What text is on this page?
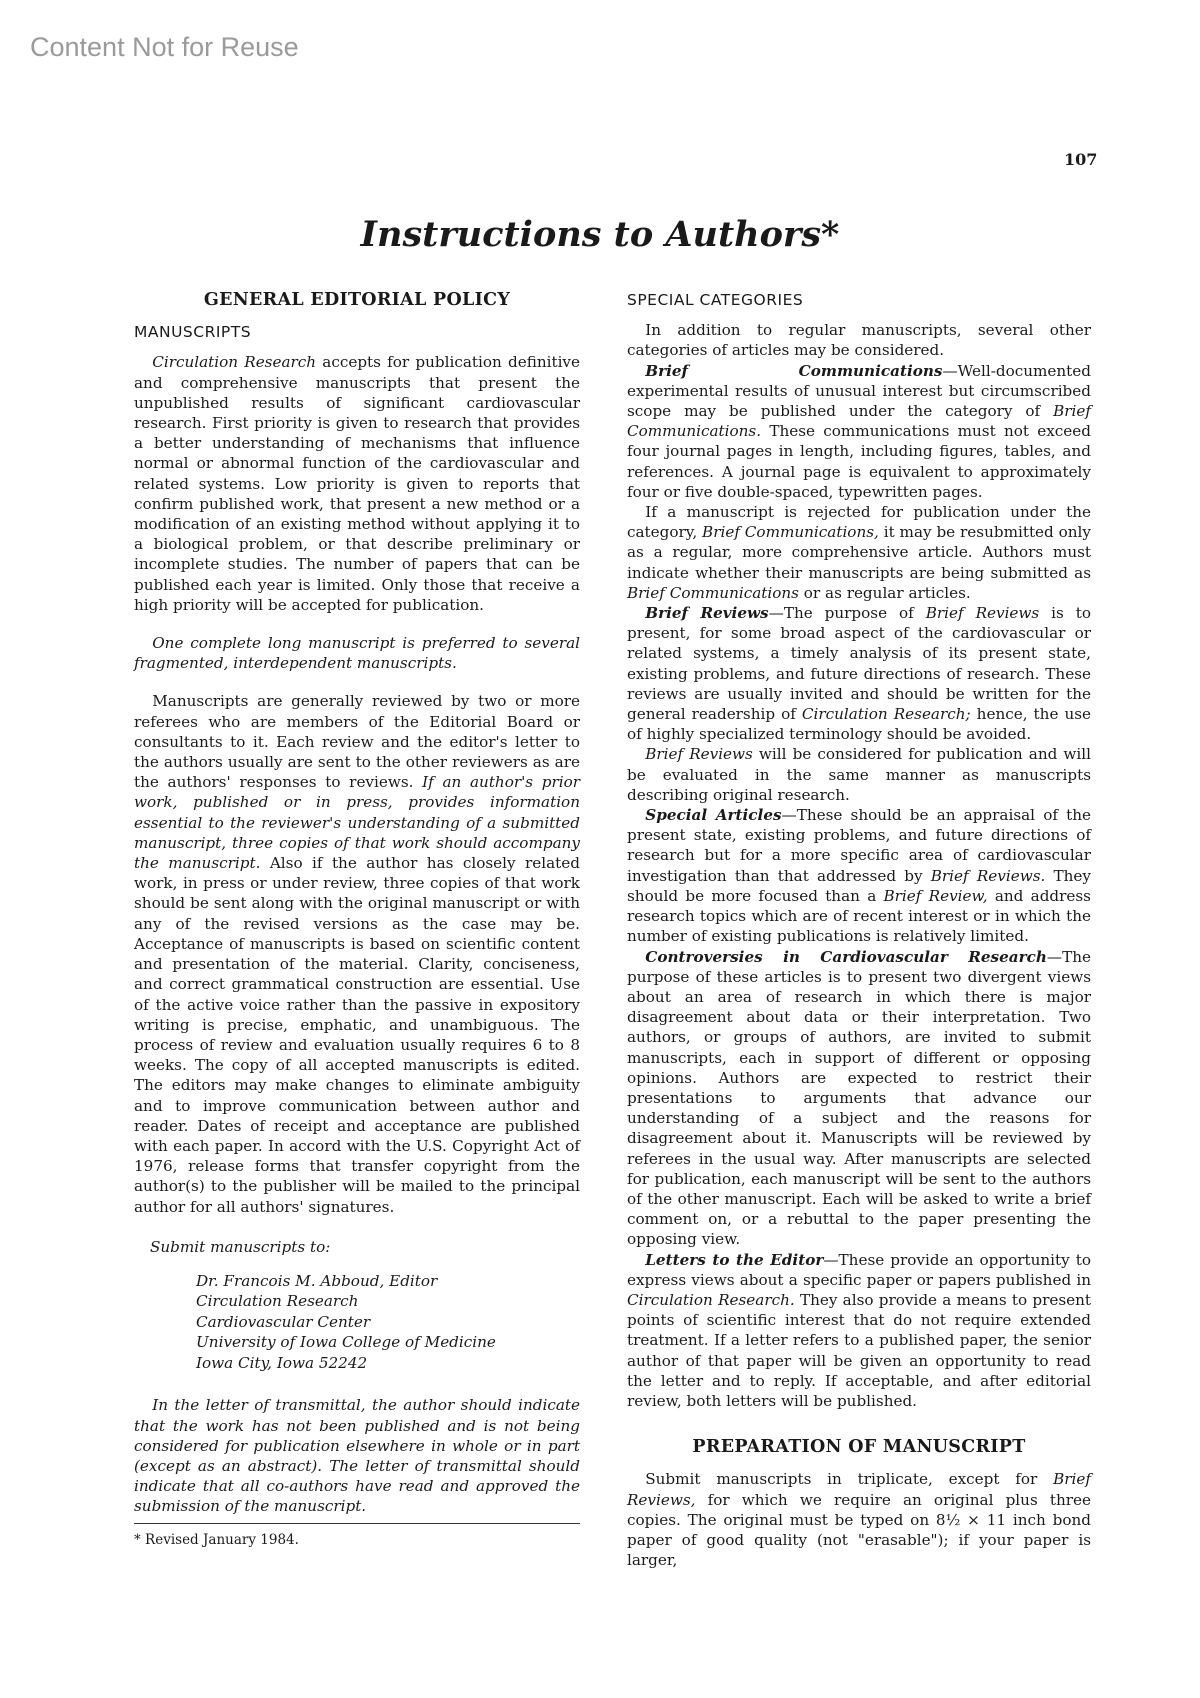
Content Not for Reuse
107
Instructions to Authors*
GENERAL EDITORIAL POLICY
MANUSCRIPTS

Circulation Research accepts for publication definitive and comprehensive manuscripts that present the unpublished results of significant cardiovascular research. First priority is given to research that provides a better understanding of mechanisms that influence normal or abnormal function of the cardiovascular and related systems. Low priority is given to reports that confirm published work, that present a new method or a modification of an existing method without applying it to a biological problem, or that describe preliminary or incomplete studies. The number of papers that can be published each year is limited. Only those that receive a high priority will be accepted for publication.

One complete long manuscript is preferred to several fragmented, interdependent manuscripts.

Manuscripts are generally reviewed by two or more referees who are members of the Editorial Board or consultants to it. Each review and the editor's letter to the authors usually are sent to the other reviewers as are the authors' responses to reviews. If an author's prior work, published or in press, provides information essential to the reviewer's understanding of a submitted manuscript, three copies of that work should accompany the manuscript. Also if the author has closely related work, in press or under review, three copies of that work should be sent along with the original manuscript or with any of the revised versions as the case may be. Acceptance of manuscripts is based on scientific content and presentation of the material. Clarity, conciseness, and correct grammatical construction are essential. Use of the active voice rather than the passive in expository writing is precise, emphatic, and unambiguous. The process of review and evaluation usually requires 6 to 8 weeks. The copy of all accepted manuscripts is edited. The editors may make changes to eliminate ambiguity and to improve communication between author and reader. Dates of receipt and acceptance are published with each paper. In accord with the U.S. Copyright Act of 1976, release forms that transfer copyright from the author(s) to the publisher will be mailed to the principal author for all authors' signatures.

Submit manuscripts to:
Dr. Francois M. Abboud, Editor
Circulation Research
Cardiovascular Center
University of Iowa College of Medicine
Iowa City, Iowa 52242

In the letter of transmittal, the author should indicate that the work has not been published and is not being considered for publication elsewhere in whole or in part (except as an abstract). The letter of transmittal should indicate that all co-authors have read and approved the submission of the manuscript.

* Revised January 1984.
SPECIAL CATEGORIES

In addition to regular manuscripts, several other categories of articles may be considered.

Brief Communications—Well-documented experimental results of unusual interest but circumscribed scope may be published under the category of Brief Communications. These communications must not exceed four journal pages in length, including figures, tables, and references. A journal page is equivalent to approximately four or five double-spaced, typewritten pages.

If a manuscript is rejected for publication under the category, Brief Communications, it may be resubmitted only as a regular, more comprehensive article. Authors must indicate whether their manuscripts are being submitted as Brief Communications or as regular articles.

Brief Reviews—The purpose of Brief Reviews is to present, for some broad aspect of the cardiovascular or related systems, a timely analysis of its present state, existing problems, and future directions of research. These reviews are usually invited and should be written for the general readership of Circulation Research; hence, the use of highly specialized terminology should be avoided.

Brief Reviews will be considered for publication and will be evaluated in the same manner as manuscripts describing original research.

Special Articles—These should be an appraisal of the present state, existing problems, and future directions of research but for a more specific area of cardiovascular investigation than that addressed by Brief Reviews. They should be more focused than a Brief Review, and address research topics which are of recent interest or in which the number of existing publications is relatively limited.

Controversies in Cardiovascular Research—The purpose of these articles is to present two divergent views about an area of research in which there is major disagreement about data or their interpretation. Two authors, or groups of authors, are invited to submit manuscripts, each in support of different or opposing opinions. Authors are expected to restrict their presentations to arguments that advance our understanding of a subject and the reasons for disagreement about it. Manuscripts will be reviewed by referees in the usual way. After manuscripts are selected for publication, each manuscript will be sent to the authors of the other manuscript. Each will be asked to write a brief comment on, or a rebuttal to the paper presenting the opposing view.

Letters to the Editor—These provide an opportunity to express views about a specific paper or papers published in Circulation Research. They also provide a means to present points of scientific interest that do not require extended treatment. If a letter refers to a published paper, the senior author of that paper will be given an opportunity to read the letter and to reply. If acceptable, and after editorial review, both letters will be published.

PREPARATION OF MANUSCRIPT

Submit manuscripts in triplicate, except for Brief Reviews, for which we require an original plus three copies. The original must be typed on 8½ × 11 inch bond paper of good quality (not "erasable"); if your paper is larger,
